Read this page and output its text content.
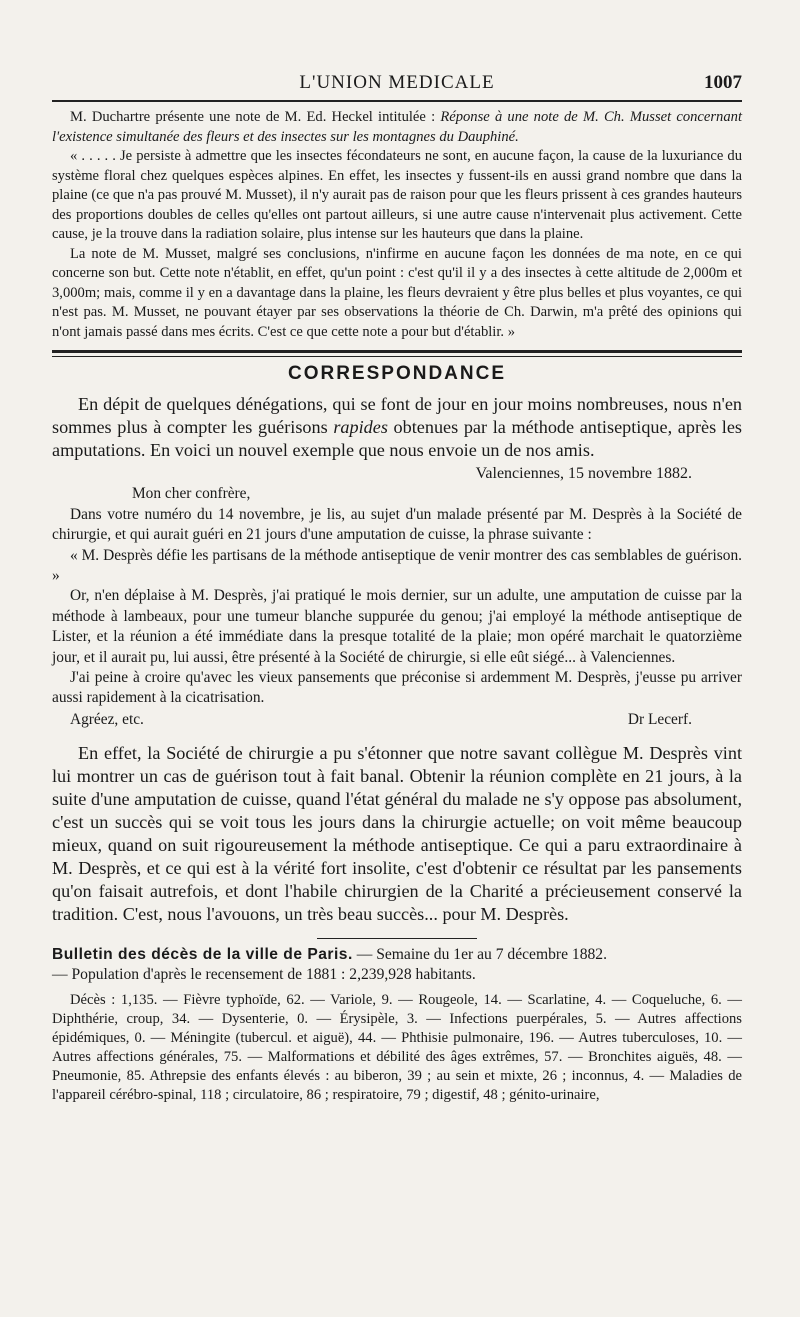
L'UNION MEDICALE	1007

M. Duchartre présente une note de M. Ed. Heckel intitulée : Réponse à une note de M. Ch. Musset concernant l'existence simultanée des fleurs et des insectes sur les montagnes du Dauphiné.

« . . . . . Je persiste à admettre que les insectes fécondateurs ne sont, en aucune façon, la cause de la luxuriance du système floral chez quelques espèces alpines. En effet, les insectes y fussent-ils en aussi grand nombre que dans la plaine (ce que n'a pas prouvé M. Musset), il n'y aurait pas de raison pour que les fleurs prissent à ces grandes hauteurs des proportions doubles de celles qu'elles ont partout ailleurs, si une autre cause n'intervenait plus activement. Cette cause, je la trouve dans la radiation solaire, plus intense sur les hauteurs que dans la plaine.

La note de M. Musset, malgré ses conclusions, n'infirme en aucune façon les données de ma note, en ce qui concerne son but. Cette note n'établit, en effet, qu'un point : c'est qu'il il y a des insectes à cette altitude de 2,000m et 3,000m; mais, comme il y en a davantage dans la plaine, les fleurs devraient y être plus belles et plus voyantes, ce qui n'est pas. M. Musset, ne pouvant étayer par ses observations la théorie de Ch. Darwin, m'a prêté des opinions qui n'ont jamais passé dans mes écrits. C'est ce que cette note a pour but d'établir. »

CORRESPONDANCE

En dépit de quelques dénégations, qui se font de jour en jour moins nombreuses, nous n'en sommes plus à compter les guérisons rapides obtenues par la méthode antiseptique, après les amputations. En voici un nouvel exemple que nous envoie un de nos amis.

Valenciennes, 15 novembre 1882.
Mon cher confrère,

Dans votre numéro du 14 novembre, je lis, au sujet d'un malade présenté par M. Desprès à la Société de chirurgie, et qui aurait guéri en 21 jours d'une amputation de cuisse, la phrase suivante :

« M. Desprès défie les partisans de la méthode antiseptique de venir montrer des cas semblables de guérison. »

Or, n'en déplaise à M. Desprès, j'ai pratiqué le mois dernier, sur un adulte, une amputation de cuisse par la méthode à lambeaux, pour une tumeur blanche suppurée du genou; j'ai employé la méthode antiseptique de Lister, et la réunion a été immédiate dans la presque totalité de la plaie; mon opéré marchait le quatorzième jour, et il aurait pu, lui aussi, être présenté à la Société de chirurgie, si elle eût siégé... à Valenciennes.

J'ai peine à croire qu'avec les vieux pansements que préconise si ardemment M. Desprès, j'eusse pu arriver aussi rapidement à la cicatrisation.

Agréez, etc.	Dr Lecerf.

En effet, la Société de chirurgie a pu s'étonner que notre savant collègue M. Desprès vint lui montrer un cas de guérison tout à fait banal. Obtenir la réunion complète en 21 jours, à la suite d'une amputation de cuisse, quand l'état général du malade ne s'y oppose pas absolument, c'est un succès qui se voit tous les jours dans la chirurgie actuelle; on voit même beaucoup mieux, quand on suit rigoureusement la méthode antiseptique. Ce qui a paru extraordinaire à M. Desprès, et ce qui est à la vérité fort insolite, c'est d'obtenir ce résultat par les pansements qu'on faisait autrefois, et dont l'habile chirurgien de la Charité a précieusement conservé la tradition. C'est, nous l'avouons, un très beau succès... pour M. Desprès.

Bulletin des décès de la ville de Paris. — Semaine du 1er au 7 décembre 1882.

— Population d'après le recensement de 1881 : 2,239,928 habitants.

Décès : 1,135. — Fièvre typhoïde, 62. — Variole, 9. — Rougeole, 14. — Scarlatine, 4. — Coqueluche, 6. — Diphthérie, croup, 34. — Dysenterie, 0. — Érysipèle, 3. — Infections puerpérales, 5. — Autres affections épidémiques, 0. — Méningite (tubercul. et aiguë), 44. — Phthisie pulmonaire, 196. — Autres tuberculoses, 10. — Autres affections générales, 75. — Malformations et débilité des âges extrêmes, 57. — Bronchites aiguës, 48. — Pneumonie, 85. Athrepsie des enfants élevés : au biberon, 39 ; au sein et mixte, 26 ; inconnus, 4. — Maladies de l'appareil cérébro-spinal, 118 ; circulatoire, 86 ; respiratoire, 79 ; digestif, 48 ; génito-urinaire,
